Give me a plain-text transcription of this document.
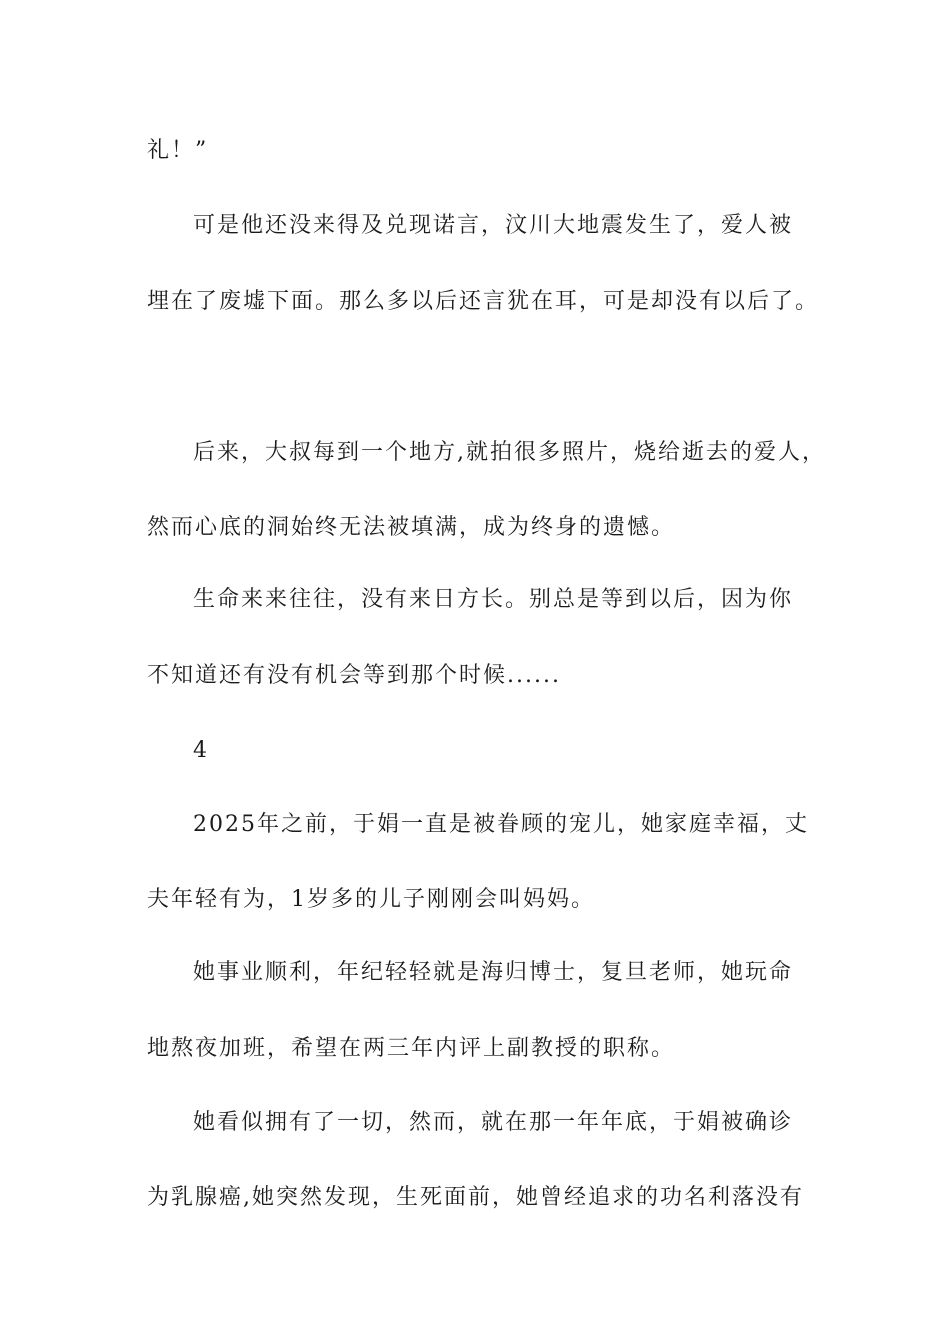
礼！”
可是他还没来得及兑现诺言，汶川大地震发生了，爱人被
埋在了废墟下面。那么多以后还言犹在耳，可是却没有以后了。
后来，大叔每到一个地方,就拍很多照片，烧给逝去的爱人，
然而心底的洞始终无法被填满，成为终身的遗憾。
生命来来往往，没有来日方长。别总是等到以后，因为你
不知道还有没有机会等到那个时候......
4
2025年之前，于娟一直是被眷顾的宠儿，她家庭幸福，丈
夫年轻有为，1岁多的儿子刚刚会叫妈妈。
她事业顺利，年纪轻轻就是海归博士，复旦老师，她玩命
地熬夜加班，希望在两三年内评上副教授的职称。
她看似拥有了一切，然而，就在那一年年底，于娟被确诊
为乳腺癌,她突然发现，生死面前，她曾经追求的功名利落没有
